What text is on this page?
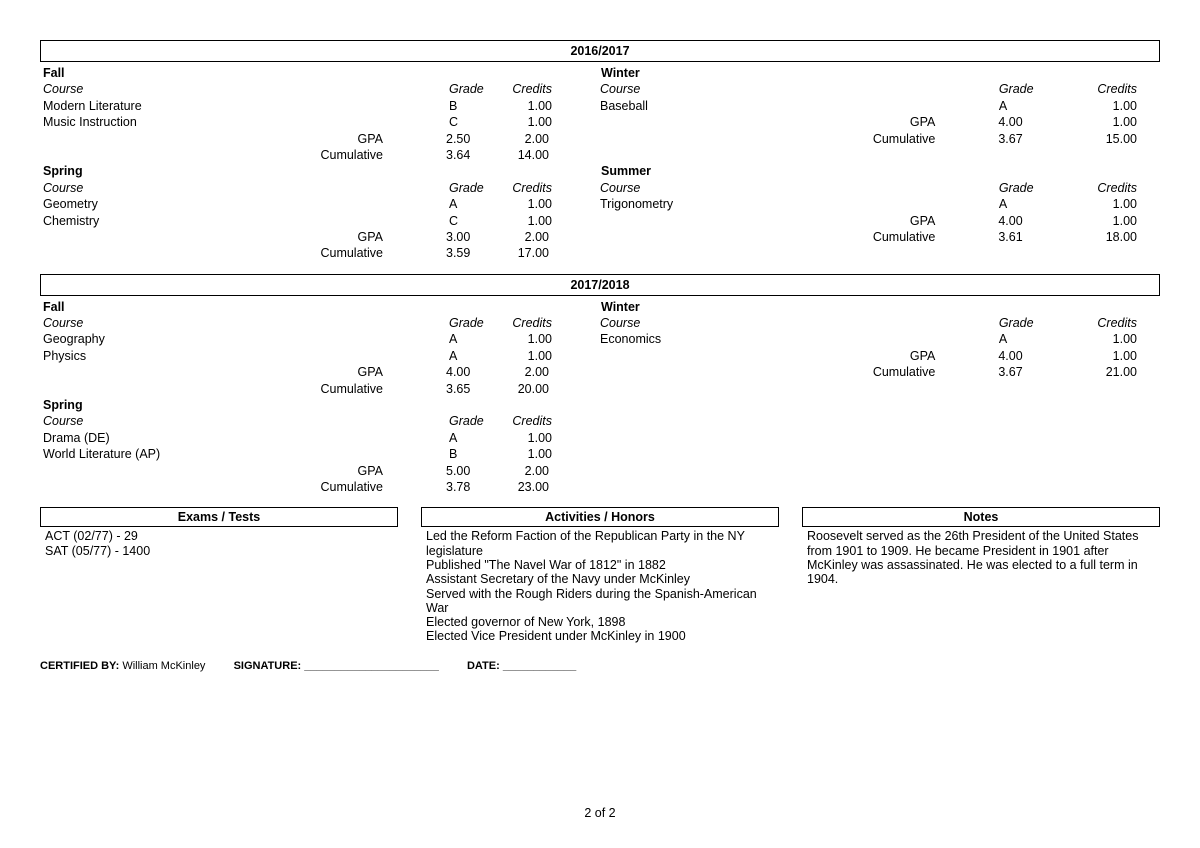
2016/2017
Fall
Course	Grade	Credits
Modern Literature	B	1.00
Music Instruction	C	1.00
GPA	2.50	2.00
Cumulative	3.64	14.00
Spring
Course	Grade	Credits
Geometry	A	1.00
Chemistry	C	1.00
GPA	3.00	2.00
Cumulative	3.59	17.00
Winter
Course	Grade	Credits
Baseball	A	1.00
GPA	4.00	1.00
Cumulative	3.67	15.00
Summer
Course	Grade	Credits
Trigonometry	A	1.00
GPA	4.00	1.00
Cumulative	3.61	18.00
2017/2018
Fall
Course	Grade	Credits
Geography	A	1.00
Physics	A	1.00
GPA	4.00	2.00
Cumulative	3.65	20.00
Spring
Course	Grade	Credits
Drama (DE)	A	1.00
World Literature (AP)	B	1.00
GPA	5.00	2.00
Cumulative	3.78	23.00
Winter
Course	Grade	Credits
Economics	A	1.00
GPA	4.00	1.00
Cumulative	3.67	21.00
Exams / Tests
ACT (02/77) - 29
SAT (05/77) - 1400
Activities / Honors
Led the Reform Faction of the Republican Party in the NY legislature
Published "The Navel War of 1812" in 1882
Assistant Secretary of the Navy under McKinley
Served with the Rough Riders during the Spanish-American War
Elected governor of New York, 1898
Elected Vice President under McKinley in 1900
Notes
Roosevelt served as the 26th President of the United States from 1901 to 1909. He became President in 1901 after McKinley was assassinated. He was elected to a full term in 1904.
CERTIFIED BY: William McKinley	SIGNATURE: ______________________	DATE: ____________
2 of 2
